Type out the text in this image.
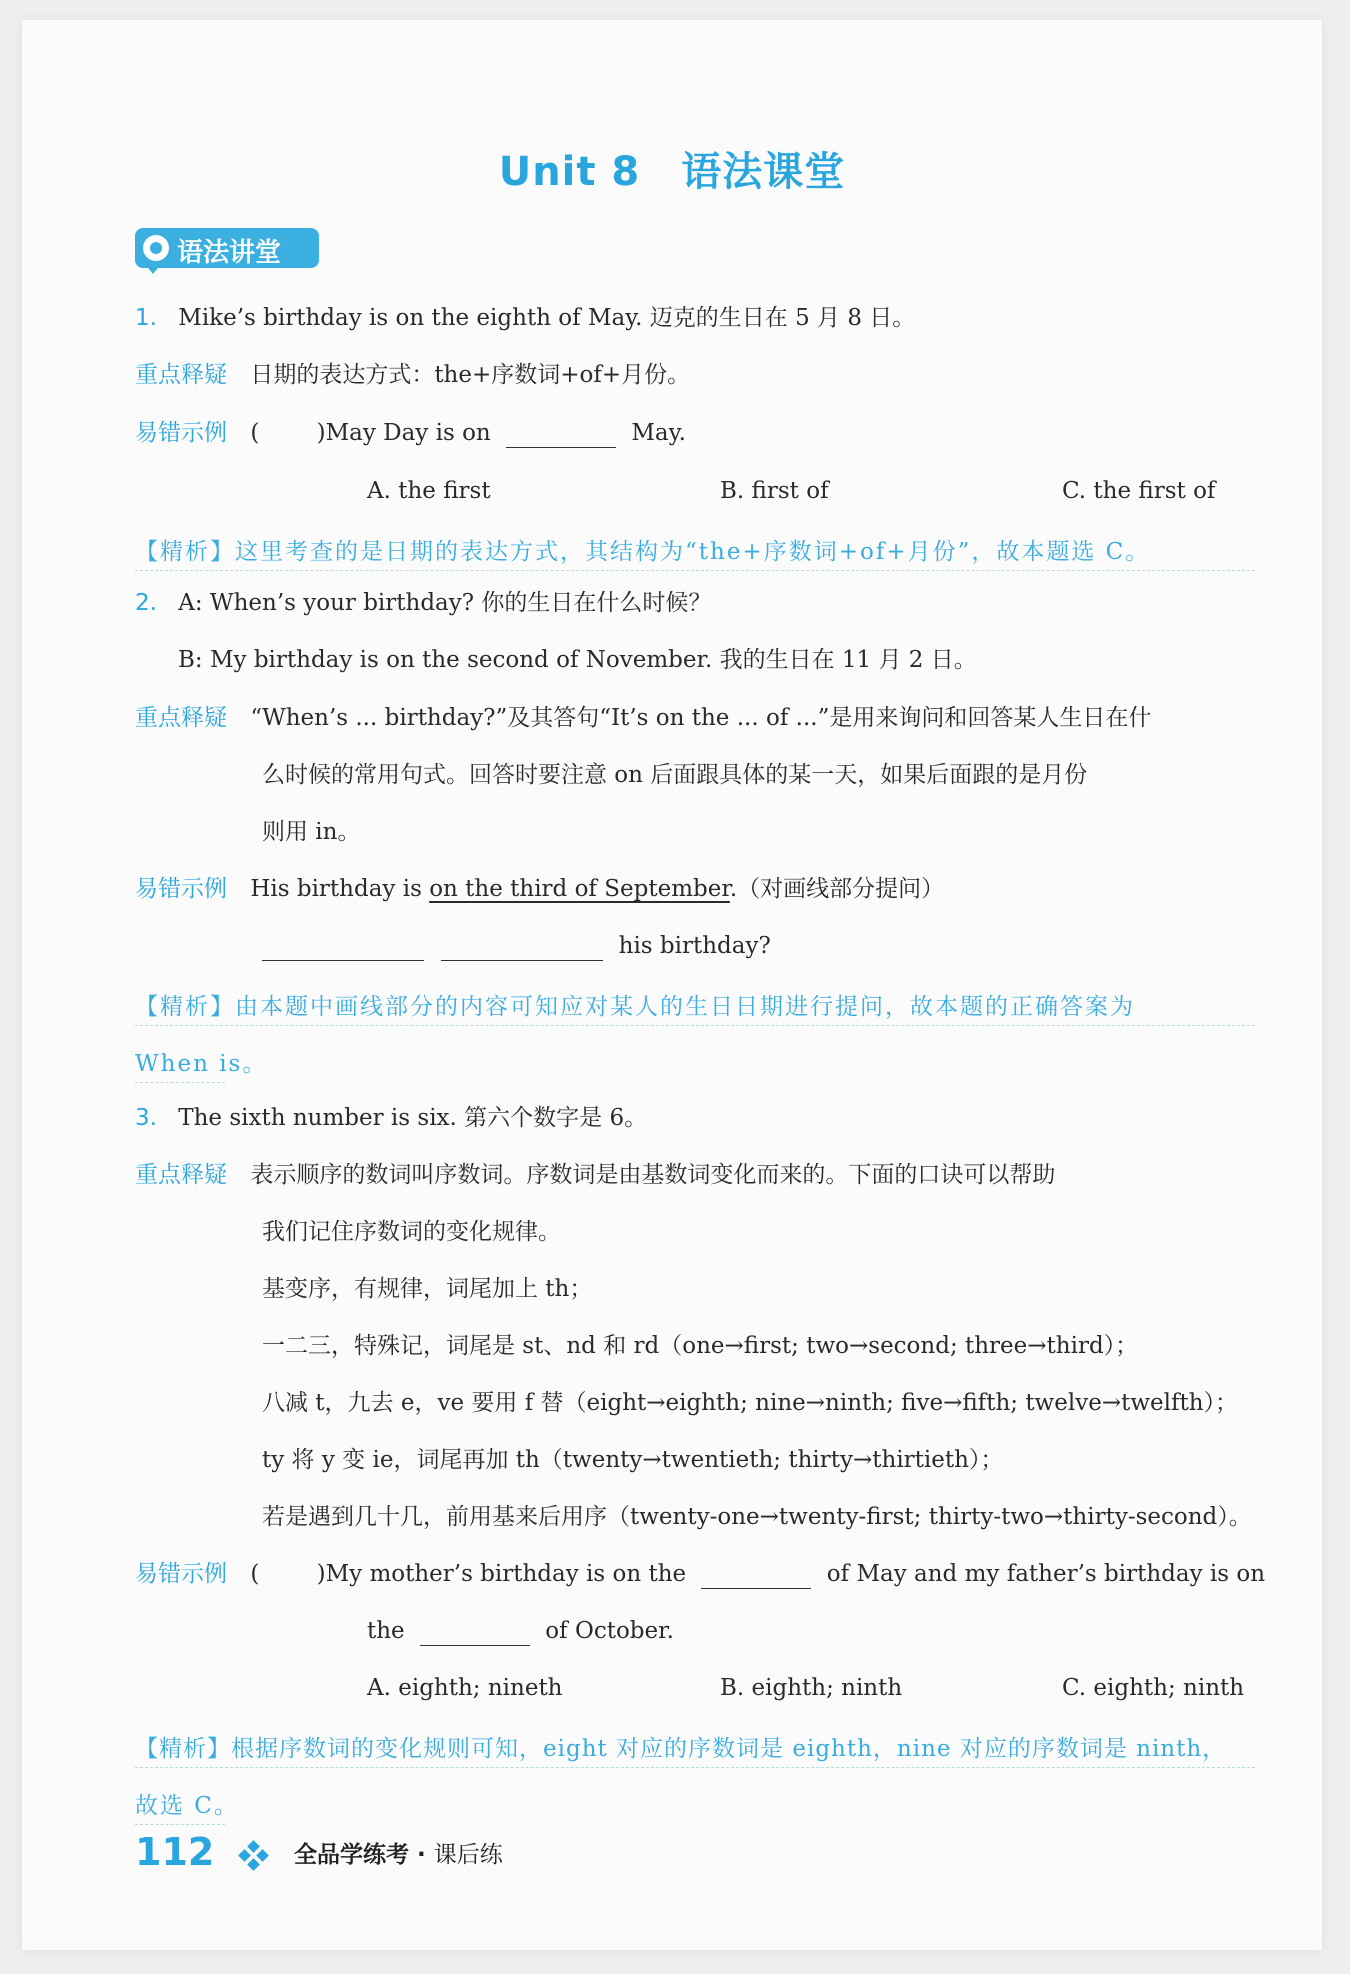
Unit 8　语法课堂
语法讲堂
1. Mike’s birthday is on the eighth of May. 迈克的生日在 5 月 8 日。
重点释疑 日期的表达方式：the+序数词+of+月份。
易错示例 ( )May Day is on	May.
A. the first	B. first of	C. the first of
【精析】这里考查的是日期的表达方式，其结构为“the+序数词+of+月份”，故本题选 C。
2. A: When’s your birthday? 你的生日在什么时候？
B: My birthday is on the second of November. 我的生日在 11 月 2 日。
重点释疑 “When’s ... birthday?”及其答句“It’s on the ... of ...”是用来询问和回答某人生日在什
么时候的常用句式。回答时要注意 on 后面跟具体的某一天，如果后面跟的是月份
则用 in。
易错示例 His birthday is on the third of September.（对画线部分提问）
his birthday?
【精析】由本题中画线部分的内容可知应对某人的生日日期进行提问，故本题的正确答案为
When is。
3. The sixth number is six. 第六个数字是 6。
重点释疑 表示顺序的数词叫序数词。序数词是由基数词变化而来的。下面的口诀可以帮助
我们记住序数词的变化规律。
基变序，有规律，词尾加上 th；
一二三，特殊记，词尾是 st、nd 和 rd（one→first; two→second; three→third）；
八减 t，九去 e，ve 要用 f 替（eight→eighth; nine→ninth; five→fifth; twelve→twelfth）；
ty 将 y 变 ie，词尾再加 th（twenty→twentieth; thirty→thirtieth）；
若是遇到几十几，前用基来后用序（twenty-one→twenty-first; thirty-two→thirty-second）。
易错示例 ( )My mother’s birthday is on the	of May and my father’s birthday is on
the	of October.
A. eighth; nineth	B. eighth; ninth	C. eighth; ninth
【精析】根据序数词的变化规则可知，eight 对应的序数词是 eighth，nine 对应的序数词是 ninth，
故选 C。
112	全品学练考 · 课后练
